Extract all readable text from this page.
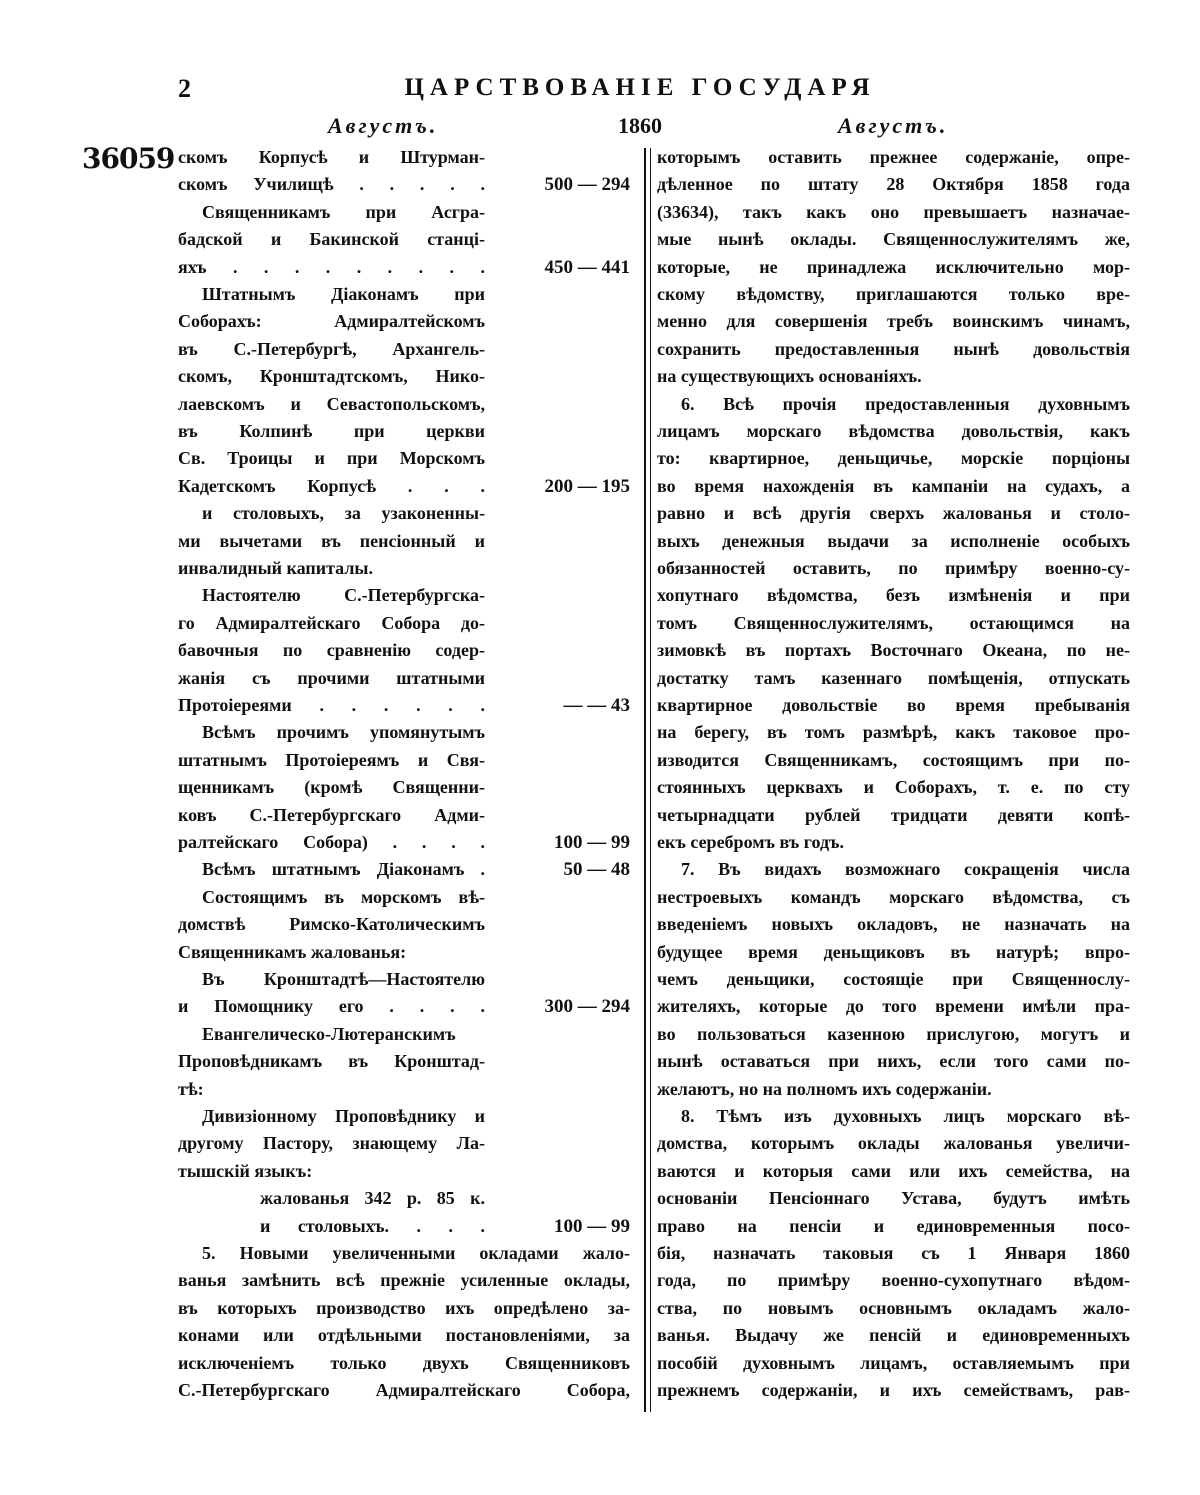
2	ЦАРСТВОВАНІЕ ГОСУДАРЯ
Августъ.	1860	Августъ.
36059 скомъ Корпусѣ и Штурман-
скомъ Училищѣ . . . . .	500 — 294
Священникамъ при Асгра-
бадской и Бакинской станці-
яхъ . . . . . . . . .	450 — 441
Штатнымъ Діаконамъ при
Соборахъ: Адмиралтейскомъ
въ С.-Петербургѣ, Архангель-
скомъ, Кронштадтскомъ, Нико-
лаевскомъ и Севастопольскомъ,
въ Колпинѣ при церкви
Св. Троицы и при Морскомъ
Кадетскомъ Корпусѣ . . .	200 — 195
и столовыхъ, за узаконенны-
ми вычетами въ пенсіонный и
инвалидный капиталы.
Настоятелю С.-Петербургска-
го Адмиралтейскаго Собора до-
бавочныя по сравненію содер-
жанія съ прочими штатными
Протоіереями . . . . . .	— — 43
Всѣмъ прочимъ упомянутымъ
штатнымъ Протоіереямъ и Свя-
щенникамъ (кромѣ Священни-
ковъ С.-Петербургскаго Адми-
ралтейскаго Собора) . . . .	100 — 99
Всѣмъ штатнымъ Діаконамъ .	50 — 48
Состоящимъ въ морскомъ вѣ-
домствѣ Римско-Католическимъ
Священникамъ жалованья:
Въ Кронштадтѣ—Настоятелю
и Помощнику его . . . .	300 — 294
Евангелическо-Лютеранскимъ
Проповѣдникамъ въ Кронштад-
тѣ:
Дивизіонному Проповѣднику и
другому Пастору, знающему Ла-
тышскій языкъ:
жалованья 342 р. 85 к.
и столовыхъ. . . .	100 — 99
5. Новыми увеличенными окладами жало-
ванья замѣнить всѣ прежніе усиленные оклады,
въ которыхъ производство ихъ опредѣлено за-
конами или отдѣльными постановленіями, за
исключеніемъ только двухъ Священниковъ
С.-Петербургскаго Адмиралтейскаго Собора,
которымъ оставить прежнее содержаніе, опре-
дѣленное по штату 28 Октября 1858 года
(33634), такъ какъ оно превышаетъ назначае-
мые нынѣ оклады. Священнослужителямъ же,
которые, не принадлежа исключительно мор-
скому вѣдомству, приглашаются только вре-
менно для совершенія требъ воинскимъ чинамъ,
сохранить предоставленныя нынѣ довольствія
на существующихъ основаніяхъ.
6. Всѣ прочія предоставленныя духовнымъ
лицамъ морскаго вѣдомства довольствія, какъ
то: квартирное, деньщичье, морскіе порціоны
во время нахожденія въ кампаніи на судахъ, а
равно и всѣ другія сверхъ жалованья и столо-
выхъ денежныя выдачи за исполненіе особыхъ
обязанностей оставить, по примѣру военно-су-
хопутнаго вѣдомства, безъ измѣненія и при
томъ Священнослужителямъ, остающимся на
зимовкѣ въ портахъ Восточнаго Океана, по не-
достатку тамъ казеннаго помѣщенія, отпускать
квартирное довольствіе во время пребыванія
на берегу, въ томъ размѣрѣ, какъ таковое про-
изводится Священникамъ, состоящимъ при по-
стоянныхъ церквахъ и Соборахъ, т. е. по сту
четырнадцати рублей тридцати девяти копѣ-
екъ серебромъ въ годъ.
7. Въ видахъ возможнаго сокращенія числа
нестроевыхъ командъ морскаго вѣдомства, съ
введеніемъ новыхъ окладовъ, не назначать на
будущее время деньщиковъ въ натурѣ; впро-
чемъ деньщики, состоящіе при Священнослу-
жителяхъ, которые до того времени имѣли пра-
во пользоваться казенною прислугою, могутъ и
нынѣ оставаться при нихъ, если того сами по-
желаютъ, но на полномъ ихъ содержаніи.
8. Тѣмъ изъ духовныхъ лицъ морскаго вѣ-
домства, которымъ оклады жалованья увеличи-
ваются и которыя сами или ихъ семейства, на
основаніи Пенсіоннаго Устава, будутъ имѣть
право на пенсіи и единовременныя посо-
бія, назначать таковыя съ 1 Января 1860
года, по примѣру военно-сухопутнаго вѣдом-
ства, по новымъ основнымъ окладамъ жало-
ванья. Выдачу же пенсій и единовременныхъ
пособій духовнымъ лицамъ, оставляемымъ при
прежнемъ содержаніи, и ихъ семействамъ, рав-
